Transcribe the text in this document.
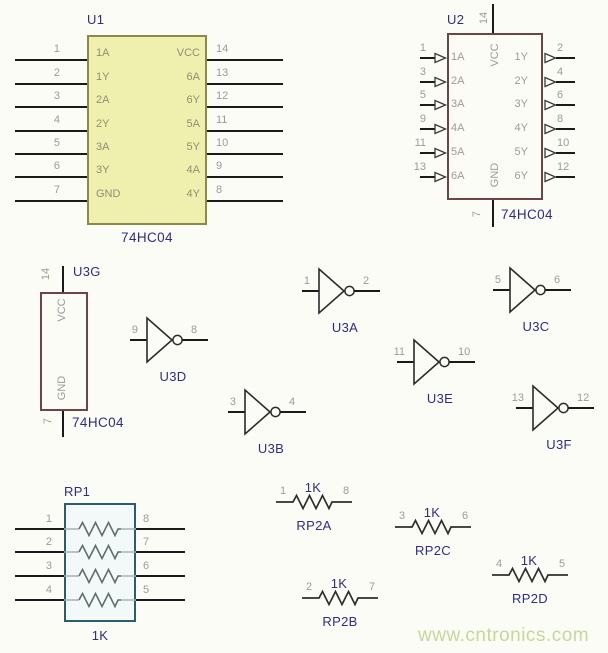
U1
74HC04
1	1A
2	1Y
3	2A
4	2Y
5	3A
6	3Y
7	GND
14
VCC
13
6A
12
6Y
11
5A
10
5Y
9
4A
8
4Y
U2 14
VCC
GND
7 74HC04
1
1A
3
2A
5
3A
9
4A
11
5A
13
6A
2
1Y
4
2Y
6
3Y
8
4Y
10
5Y
12
6Y
U3G
14
VCC
GND
7 74HC04
1	2
U3A
5	6
U3C
9	8
U3D
11	10
U3E
3	4
U3B
13	12
U3F
RP1
1K
1	8
2	7
3	6
4	5
1	8
1K
RP2A
3	6
1K
RP2C
2	7
1K
RP2B
4	5
1K
RP2D
www.cntronics.com
